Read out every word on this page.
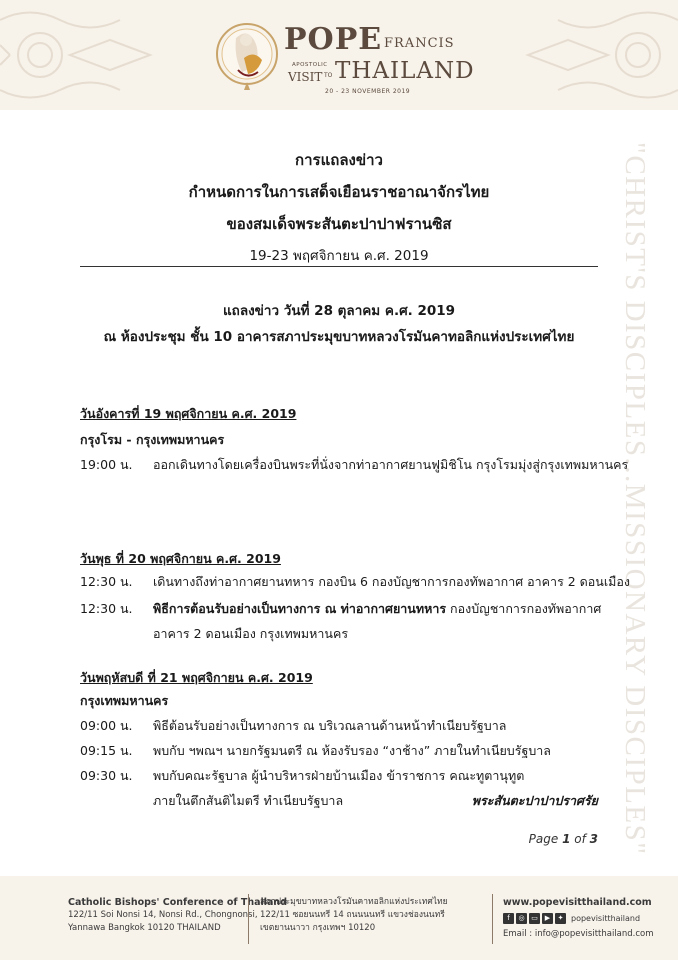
POPE FRANCIS
APOSTOLIC
VISIT TO THAILAND
20 - 23 NOVEMBER 2019
"CHRIST'S DISCIPLES...MISSIONARY DISCIPLES"
การแถลงข่าว
กำหนดการในการเสด็จเยือนราชอาณาจักรไทย
ของสมเด็จพระสันตะปาปาฟรานซิส
19-23 พฤศจิกายน ค.ศ. 2019
แถลงข่าว วันที่ 28 ตุลาคม ค.ศ. 2019
ณ ห้องประชุม ชั้น 10 อาคารสภาประมุขบาทหลวงโรมันคาทอลิกแห่งประเทศไทย
วันอังคารที่ 19 พฤศจิกายน ค.ศ. 2019
กรุงโรม - กรุงเทพมหานคร
19:00 น. ออกเดินทางโดยเครื่องบินพระที่นั่งจากท่าอากาศยานฟูมิชิโน กรุงโรมมุ่งสู่กรุงเทพมหานคร
วันพุธ ที่ 20 พฤศจิกายน ค.ศ. 2019
12:30 น. เดินทางถึงท่าอากาศยานทหาร กองบิน 6 กองบัญชาการกองทัพอากาศ อาคาร 2 ดอนเมือง
12:30 น. พิธีการต้อนรับอย่างเป็นทางการ ณ ท่าอากาศยานทหาร กองบัญชาการกองทัพอากาศ
อาคาร 2 ดอนเมือง กรุงเทพมหานคร
วันพฤหัสบดี ที่ 21 พฤศจิกายน ค.ศ. 2019
กรุงเทพมหานคร
09:00 น. พิธีต้อนรับอย่างเป็นทางการ ณ บริเวณลานด้านหน้าทำเนียบรัฐบาล
09:15 น. พบกับ ฯพณฯ นายกรัฐมนตรี ณ ห้องรับรอง “งาช้าง” ภายในทำเนียบรัฐบาล
09:30 น. พบกับคณะรัฐบาล ผู้นำบริหารฝ่ายบ้านเมือง ข้าราชการ คณะทูตานุทูต
ภายในตึกสันติไมตรี ทำเนียบรัฐบาล	พระสันตะปาปาปราศรัย
Page 1 of 3
Catholic Bishops' Conference of Thailand
122/11 Soi Nonsi 14, Nonsi Rd., Chongnonsi,
Yannawa Bangkok 10120 THAILAND
สภาประมุขบาทหลวงโรมันคาทอลิกแห่งประเทศไทย
122/11 ซอยนนทรี 14 ถนนนนทรี แขวงช่องนนทรี
เขตยานนาวา กรุงเทพฯ 10120
www.popevisitthailand.com
f	◎ ▭ ▶	✦ popevisitthailand
Email : info@popevisitthailand.com
